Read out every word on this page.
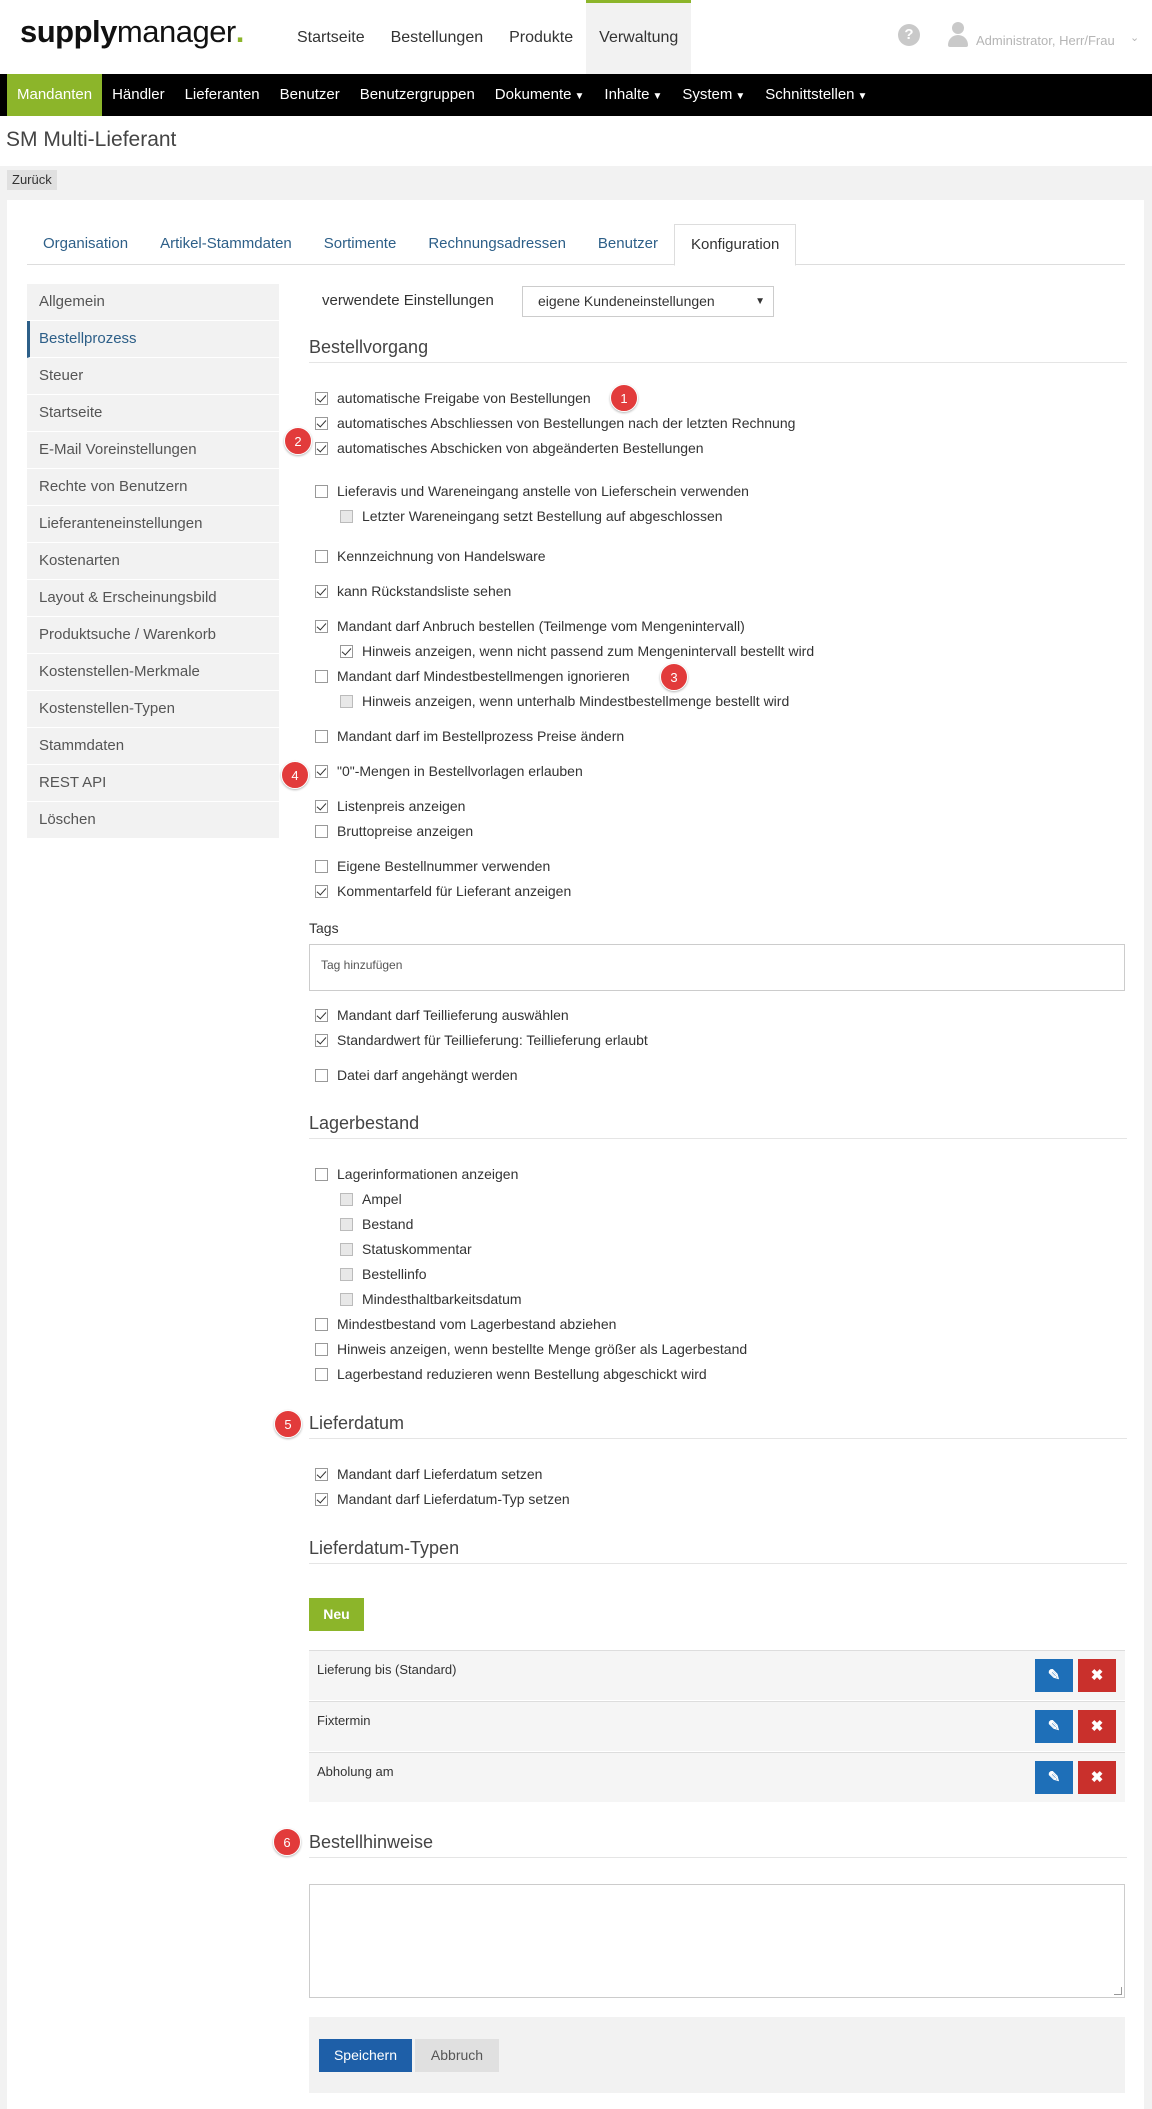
supplymanager.	Startseite	Bestellungen	Produkte	Verwaltung	?	Administrator, Herr/Frau ⌄
Mandanten	Händler	Lieferanten	Benutzer	Benutzergruppen	Dokumente ▼	Inhalte ▼	System ▼	Schnittstellen ▼
SM Multi-Lieferant
Zurück
Organisation	Artikel-Stammdaten	Sortimente	Rechnungsadressen	Benutzer	Konfiguration
Allgemein
Bestellprozess
Steuer
Startseite
E-Mail Voreinstellungen
Rechte von Benutzern
Lieferanteneinstellungen
Kostenarten
Layout & Erscheinungsbild
Produktsuche / Warenkorb
Kostenstellen-Merkmale
Kostenstellen-Typen
Stammdaten
REST API
Löschen
verwendete Einstellungen	eigene Kundeneinstellungen	▼
Bestellvorgang
automatische Freigabe von Bestellungen
automatisches Abschliessen von Bestellungen nach der letzten Rechnung
automatisches Abschicken von abgeänderten Bestellungen
Lieferavis und Wareneingang anstelle von Lieferschein verwenden
Letzter Wareneingang setzt Bestellung auf abgeschlossen
Kennzeichnung von Handelsware
kann Rückstandsliste sehen
Mandant darf Anbruch bestellen (Teilmenge vom Mengenintervall)
Hinweis anzeigen, wenn nicht passend zum Mengenintervall bestellt wird
Mandant darf Mindestbestellmengen ignorieren
Hinweis anzeigen, wenn unterhalb Mindestbestellmenge bestellt wird
Mandant darf im Bestellprozess Preise ändern
"0"-Mengen in Bestellvorlagen erlauben
Listenpreis anzeigen
Bruttopreise anzeigen
Eigene Bestellnummer verwenden
Kommentarfeld für Lieferant anzeigen
Tags
Tag hinzufügen
Mandant darf Teillieferung auswählen
Standardwert für Teillieferung: Teillieferung erlaubt
Datei darf angehängt werden
Lagerbestand
Lagerinformationen anzeigen
Ampel
Bestand
Statuskommentar
Bestellinfo
Mindesthaltbarkeitsdatum
Mindestbestand vom Lagerbestand abziehen
Hinweis anzeigen, wenn bestellte Menge größer als Lagerbestand
Lagerbestand reduzieren wenn Bestellung abgeschickt wird
Lieferdatum
Mandant darf Lieferdatum setzen
Mandant darf Lieferdatum-Typ setzen
Lieferdatum-Typen
Neu
Lieferung bis (Standard)	✎	✖
Fixtermin	✎	✖
Abholung am	✎	✖
Bestellhinweise
Speichern	Abbruch
1
2
3
4
5
6
